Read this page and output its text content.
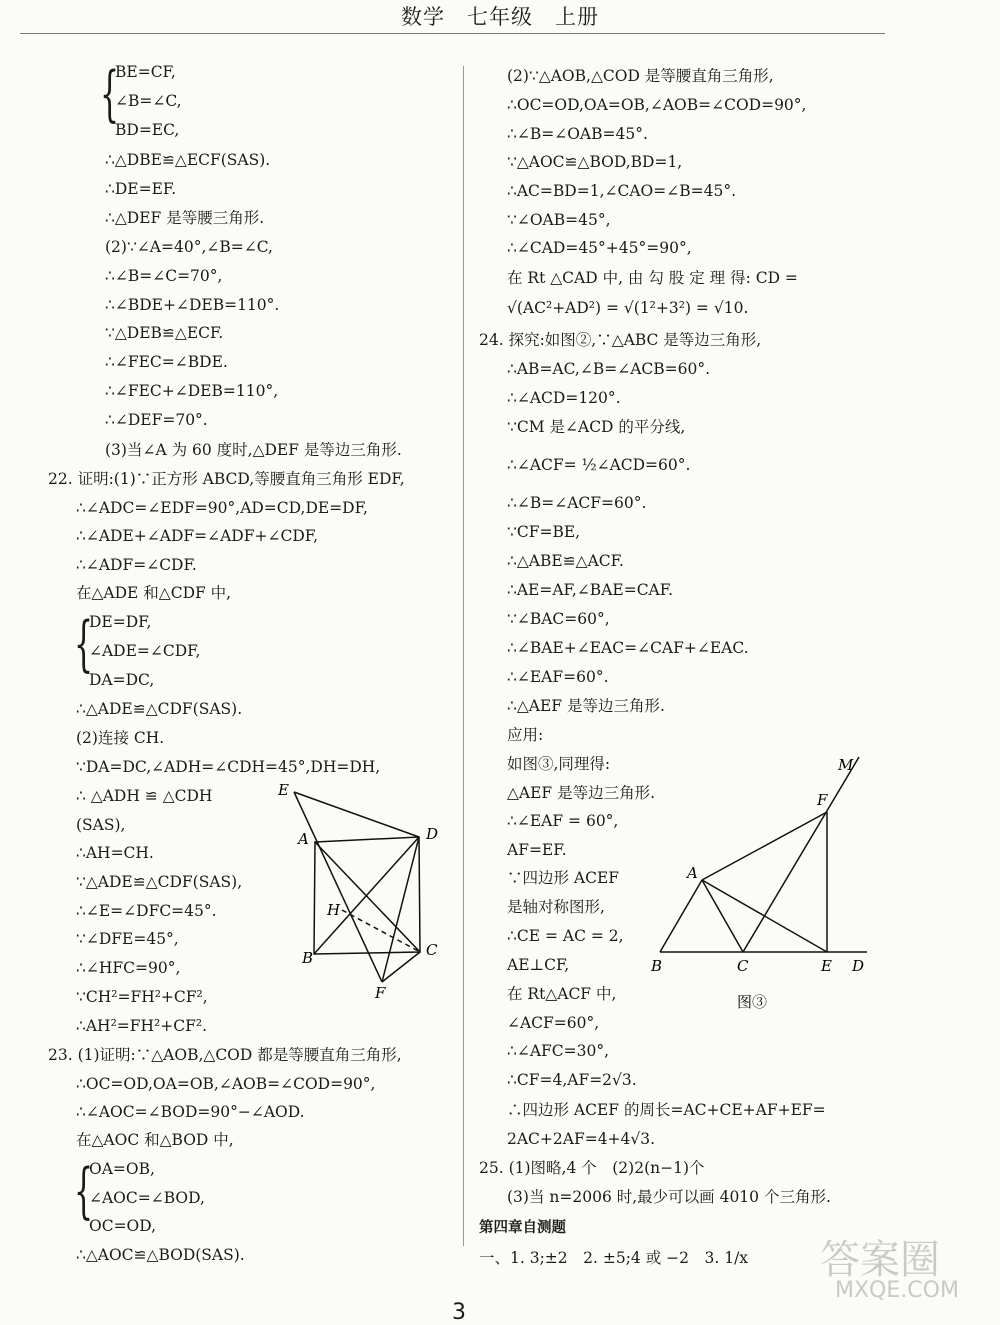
数学　七年级　上册
{
{
{
BE=CF,
∠B=∠C,
BD=EC,
∴△DBE≌△ECF(SAS).
∴DE=EF.
∴△DEF 是等腰三角形.
(2)∵∠A=40°,∠B=∠C,
∴∠B=∠C=70°,
∴∠BDE+∠DEB=110°.
∵△DEB≌△ECF.
∴∠FEC=∠BDE.
∴∠FEC+∠DEB=110°,
∴∠DEF=70°.
(3)当∠A 为 60 度时,△DEF 是等边三角形.
22. 证明:(1)∵正方形 ABCD,等腰直角三角形 EDF,
∴∠ADC=∠EDF=90°,AD=CD,DE=DF,
∴∠ADE+∠ADF=∠ADF+∠CDF,
∴∠ADF=∠CDF.
在△ADE 和△CDF 中,
DE=DF,
∠ADE=∠CDF,
DA=DC,
∴△ADE≌△CDF(SAS).
(2)连接 CH.
∵DA=DC,∠ADH=∠CDH=45°,DH=DH,
∴ △ADH ≌ △CDH
(SAS),
∴AH=CH.
∵△ADE≌△CDF(SAS),
∴∠E=∠DFC=45°.
∵∠DFE=45°,
∴∠HFC=90°,
∵CH²=FH²+CF²,
∴AH²=FH²+CF².
23. (1)证明:∵△AOB,△COD 都是等腰直角三角形,
∴OC=OD,OA=OB,∠AOB=∠COD=90°,
∴∠AOC=∠BOD=90°−∠AOD.
在△AOC 和△BOD 中,
OA=OB,
∠AOC=∠BOD,
OC=OD,
∴△AOC≌△BOD(SAS).
(2)∵△AOB,△COD 是等腰直角三角形,
∴OC=OD,OA=OB,∠AOB=∠COD=90°,
∴∠B=∠OAB=45°.
∵△AOC≌△BOD,BD=1,
∴AC=BD=1,∠CAO=∠B=45°.
∵∠OAB=45°,
∴∠CAD=45°+45°=90°,
在 Rt △CAD 中, 由 勾 股 定 理 得: CD =
√(AC²+AD²) = √(1²+3²) = √10.
24. 探究:如图②,∵△ABC 是等边三角形,
∴AB=AC,∠B=∠ACB=60°.
∴∠ACD=120°.
∵CM 是∠ACD 的平分线,
∴∠ACF= ½∠ACD=60°.
∴∠B=∠ACF=60°.
∵CF=BE,
∴△ABE≌△ACF.
∴AE=AF,∠BAE=CAF.
∵∠BAC=60°,
∴∠BAE+∠EAC=∠CAF+∠EAC.
∴∠EAF=60°.
∴△AEF 是等边三角形.
应用:
如图③,同理得:
△AEF 是等边三角形.
∴∠EAF = 60°,
AF=EF.
∵四边形 ACEF
是轴对称图形,
∴CE = AC = 2,
AE⊥CF,
在 Rt△ACF 中,
∠ACF=60°,
∴∠AFC=30°,
∴CF=4,AF=2√3.
∴四边形 ACEF 的周长=AC+CE+AF+EF=
2AC+2AF=4+4√3.
25. (1)图略,4 个　(2)2(n−1)个
(3)当 n=2006 时,最少可以画 4010 个三角形.
一、1. 3;±2　2. ±5;4 或 −2　3. 1/x
第四章自测题
E
A	D
H
B	C
F
M
F
A
B	C	E D
图③
答案圈
MXQE.COM
3
